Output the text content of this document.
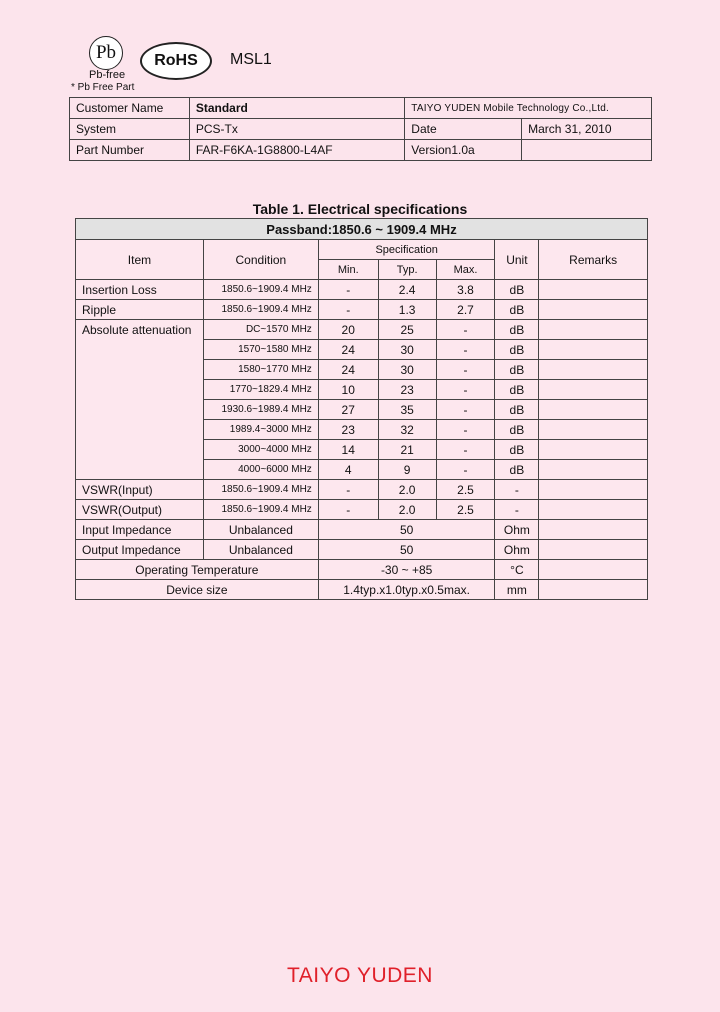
Pb
Pb-free
* Pb Free Part
RoHS	MSL1
Customer Name	Standard	TAIYO YUDEN Mobile Technology Co.,Ltd.	
System	PCS-Tx	Date	March 31, 2010
Part Number	FAR-F6KA-1G8800-L4AF	Version1.0a	
Table 1. Electrical specifications
Passband:1850.6 ~ 1909.4 MHz						
Item	Condition	Specification			Unit	Remarks
		Min.	Typ.	Max.		
Insertion Loss	1850.6~1909.4 MHz	-	2.4	3.8	dB	
Ripple	1850.6~1909.4 MHz	-	1.3	2.7	dB	
Absolute attenuation	DC~1570 MHz	20	25	-	dB	
	1570~1580 MHz	24	30	-	dB	
	1580~1770 MHz	24	30	-	dB	
	1770~1829.4 MHz	10	23	-	dB	
	1930.6~1989.4 MHz	27	35	-	dB	
	1989.4~3000 MHz	23	32	-	dB	
	3000~4000 MHz	14	21	-	dB	
	4000~6000 MHz	4	9	-	dB	
VSWR(Input)	1850.6~1909.4 MHz	-	2.0	2.5	-	
VSWR(Output)	1850.6~1909.4 MHz	-	2.0	2.5	-	
Input Impedance	Unbalanced	50			Ohm	
Output Impedance	Unbalanced	50			Ohm	
Operating Temperature		-30 ~ +85			°C	
Device size		1.4typ.x1.0typ.x0.5max.			mm	
TAIYO YUDEN
